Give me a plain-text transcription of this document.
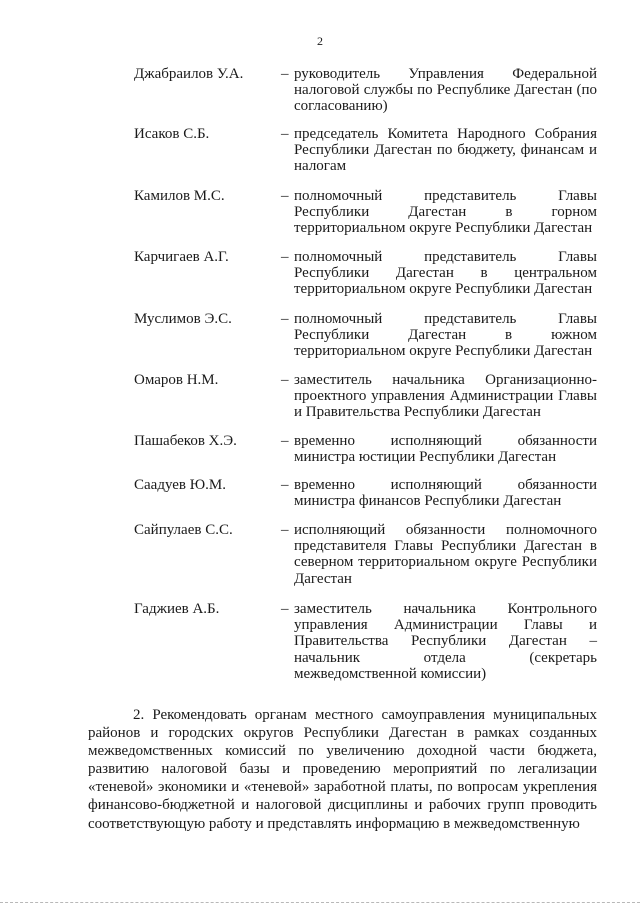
2
Джабраилов У.А.	– руководитель Управления Федеральной налоговой службы по Республике Дагестан (по согласованию)
Исаков С.Б.	– председатель Комитета Народного Собрания Республики Дагестан по бюджету, финансам и налогам
Камилов М.С.	– полномочный представитель Главы Республики Дагестан в горном территориальном округе Республики Дагестан
Карчигаев А.Г.	– полномочный представитель Главы Республики Дагестан в центральном территориальном округе Республики Дагестан
Муслимов Э.С.	– полномочный представитель Главы Республики Дагестан в южном территориальном округе Республики Дагестан
Омаров Н.М.	– заместитель начальника Организационно-проектного управления Администрации Главы и Правительства Республики Дагестан
Пашабеков Х.Э.	– временно исполняющий обязанности министра юстиции Республики Дагестан
Саадуев Ю.М.	– временно исполняющий обязанности министра финансов Республики Дагестан
Сайпулаев С.С.	– исполняющий обязанности полномочного представителя Главы Республики Дагестан в северном территориальном округе Республики Дагестан
Гаджиев А.Б.	– заместитель начальника Контрольного управления Администрации Главы и Правительства Республики Дагестан – начальник отдела (секретарь межведомственной комиссии)

2. Рекомендовать органам местного самоуправления муниципальных районов и городских округов Республики Дагестан в рамках созданных межведомственных комиссий по увеличению доходной части бюджета, развитию налоговой базы и проведению мероприятий по легализации «теневой» экономики и «теневой» заработной платы, по вопросам укрепления финансово-бюджетной и налоговой дисциплины и рабочих групп проводить соответствующую работу и представлять информацию в межведомственную
